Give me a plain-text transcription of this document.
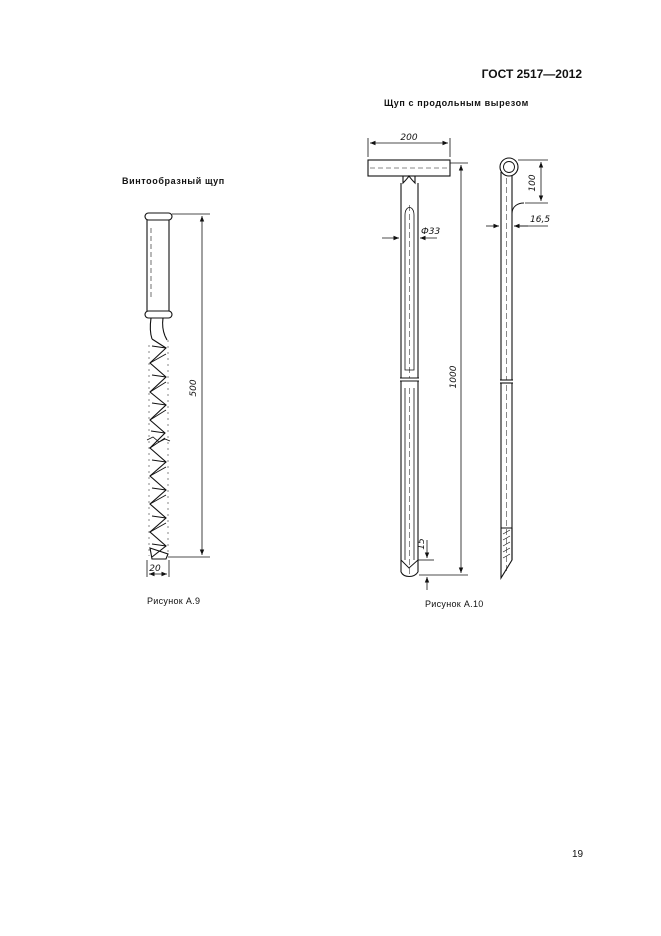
ГОСТ 2517—2012
Щуп с продольным вырезом
Винтообразный щуп
Рисунок А.9	Рисунок А.10
19
500
20
200
Ф33
1000
15
100
16,5
